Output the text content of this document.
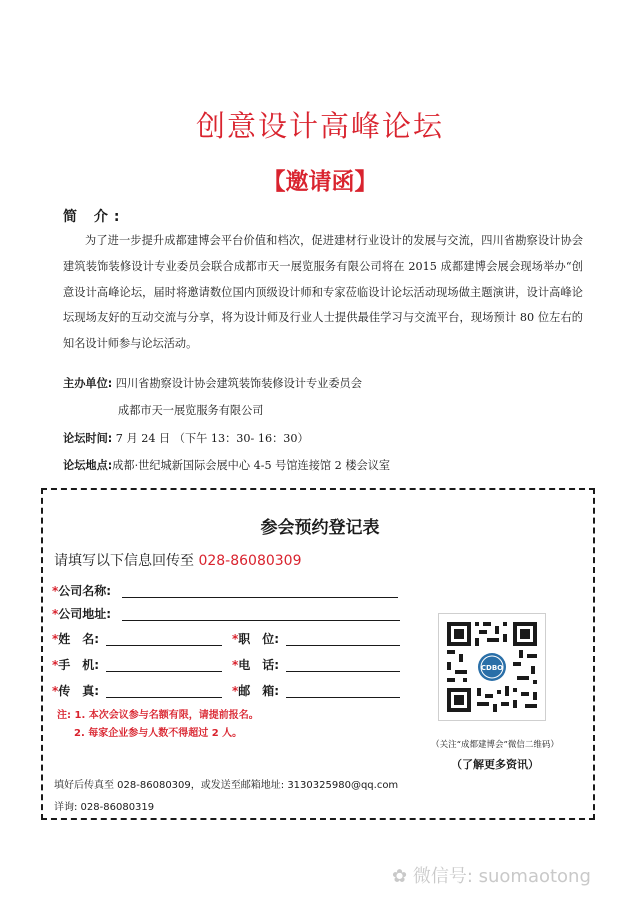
创意设计高峰论坛
【邀请函】
简 介:
为了进一步提升成都建博会平台价值和档次，促进建材行业设计的发展与交流，四川省勘察设计协会建筑装饰装修设计专业委员会联合成都市天一展览服务有限公司将在 2015 成都建博会展会现场举办“创意设计高峰论坛，届时将邀请数位国内顶级设计师和专家莅临设计论坛活动现场做主题演讲，设计高峰论坛现场友好的互动交流与分享，将为设计师及行业人士提供最佳学习与交流平台，现场预计 80 位左右的知名设计师参与论坛活动。
主办单位: 四川省勘察设计协会建筑装饰装修设计专业委员会
成都市天一展览服务有限公司
论坛时间: 7 月 24 日 （下午 13：30- 16：30）
论坛地点:成都·世纪城新国际会展中心 4-5 号馆连接馆 2 楼会议室
参会预约登记表
请填写以下信息回传至 028-86080309
*公司名称:
*公司地址:
*姓　名:	*职　位:
*手　机:	*电　话:
*传　真:	*邮　箱:
注: 1. 本次会议参与名额有限，请提前报名。
2. 每家企业参与人数不得超过 2 人。
CDBO
（关注“成都建博会”微信二维码）
（了解更多资讯）
填好后传真至 028-86080309，或发送至邮箱地址: 3130325980@qq.com
详询: 028-86080319
✿ 微信号: suomaotong
